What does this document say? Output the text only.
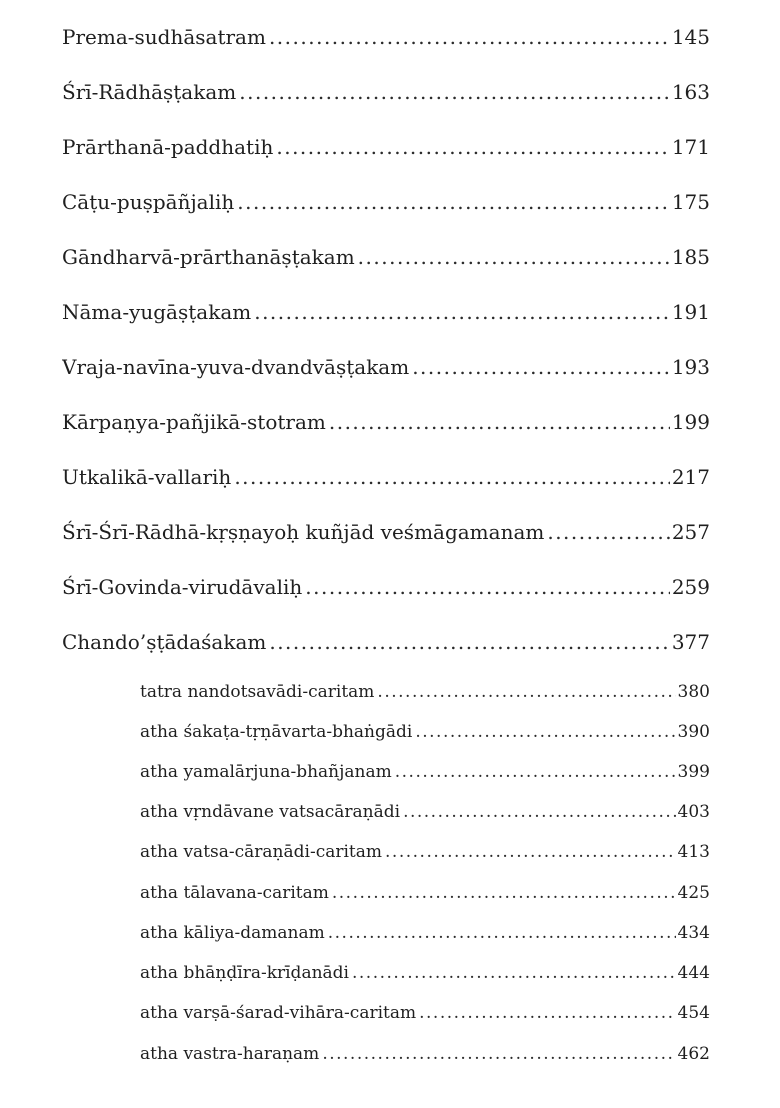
Prema-sudhāsatram .....	145
Śrī-Rādhāṣṭakam .....	163
Prārthanā-paddhatiḥ .....	171
Cāṭu-puṣpāñjaliḥ .....	175
Gāndharvā-prārthanāṣṭakam .....	185
Nāma-yugāṣṭakam .....	191
Vraja-navīna-yuva-dvandvāṣṭakam .....	193
Kārpaṇya-pañjikā-stotram .....	199
Utkalikā-vallariḥ .....	217
Śrī-Śrī-Rādhā-kṛṣṇayoḥ kuñjād veśmāgamanam .....	257
Śrī-Govinda-virudāvaliḥ .....	259
Chando’ṣṭādaśakam .....	377
tatra nandotsavādi-caritam .....	380
atha śakaṭa-tṛṇāvarta-bhaṅgādi .....	390
atha yamalārjuna-bhañjanam .....	399
atha vṛndāvane vatsacāraṇādi .....	403
atha vatsa-cāraṇādi-caritam .....	413
atha tālavana-caritam .....	425
atha kāliya-damanam .....	434
atha bhāṇḍīra-krīḍanādi .....	444
atha varṣā-śarad-vihāra-caritam .....	454
atha vastra-haraṇam .....	462
